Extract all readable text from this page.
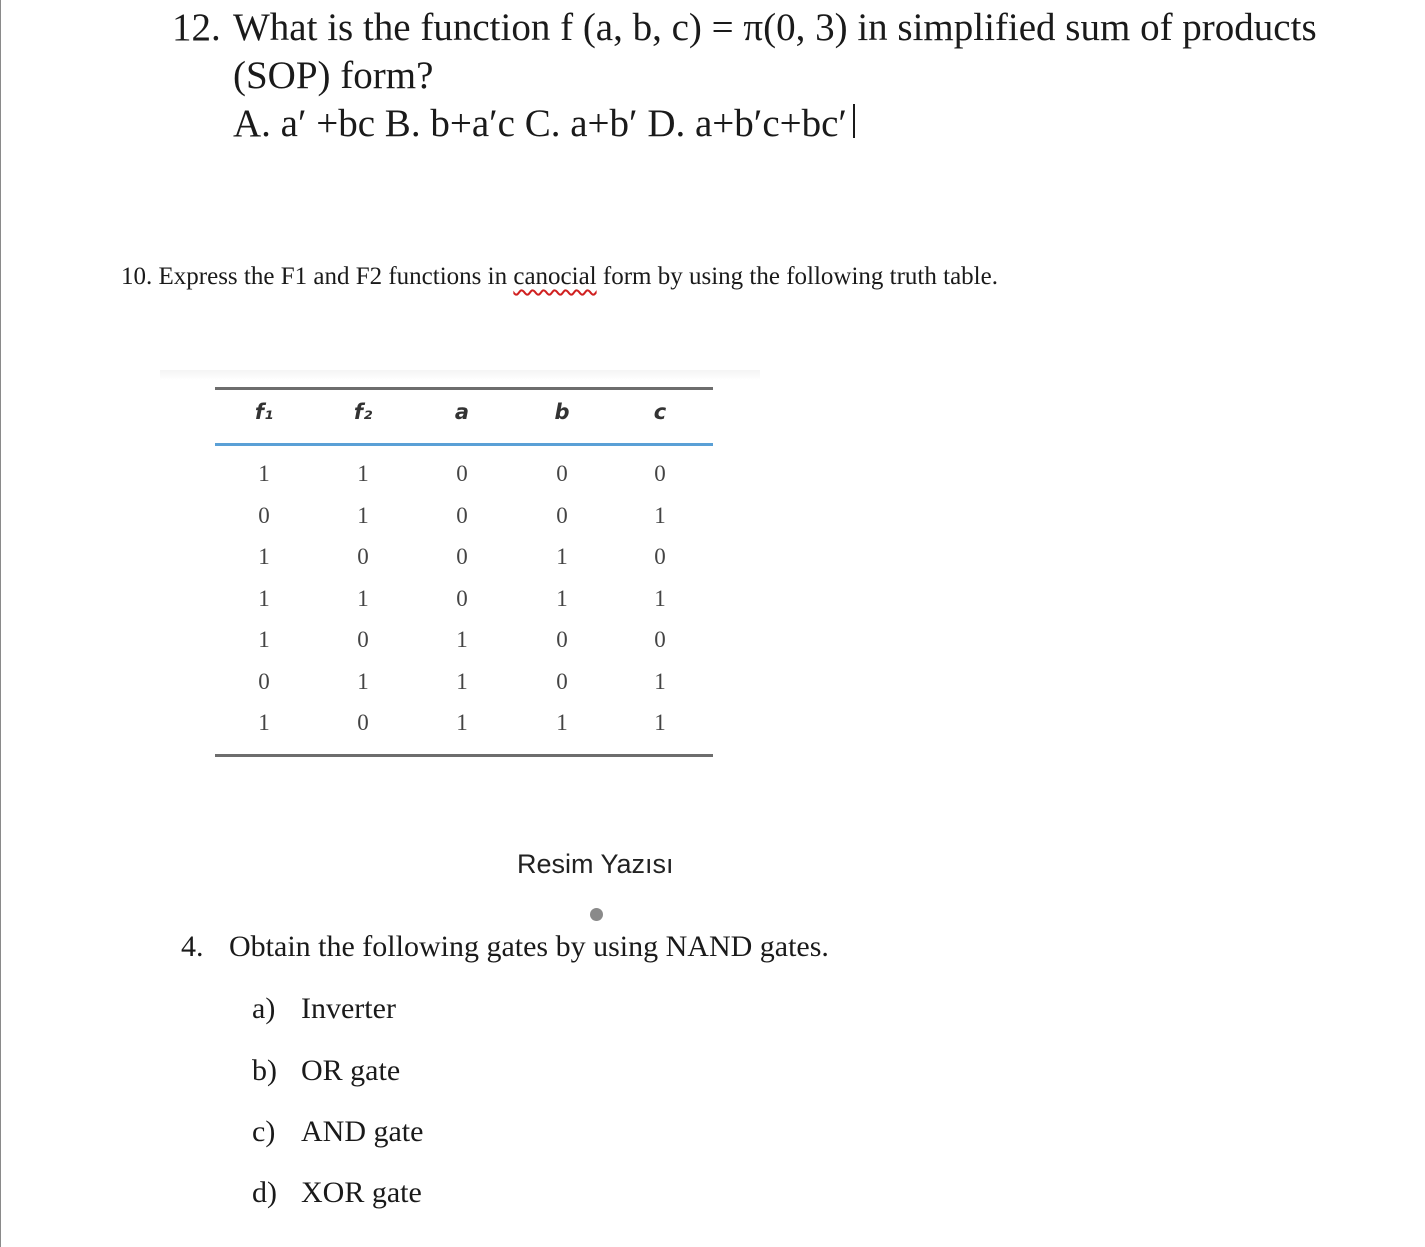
12. What is the function f (a, b, c) = π(0, 3) in simplified sum of products
(SOP) form?
A. a′ +bc B. b+a′c C. a+b′ D. a+b′c+bc′
10. Express the F1 and F2 functions in canocial form by using the following truth table.
f₁	f₂	a	b	c
1	1	0	0	0
0	1	0	0	1
1	0	0	1	0
1	1	0	1	1
1	0	1	0	0
0	1	1	0	1
1	0	1	1	1
Resim Yazısı
4. Obtain the following gates by using NAND gates.
a) Inverter
b) OR gate
c) AND gate
d) XOR gate
